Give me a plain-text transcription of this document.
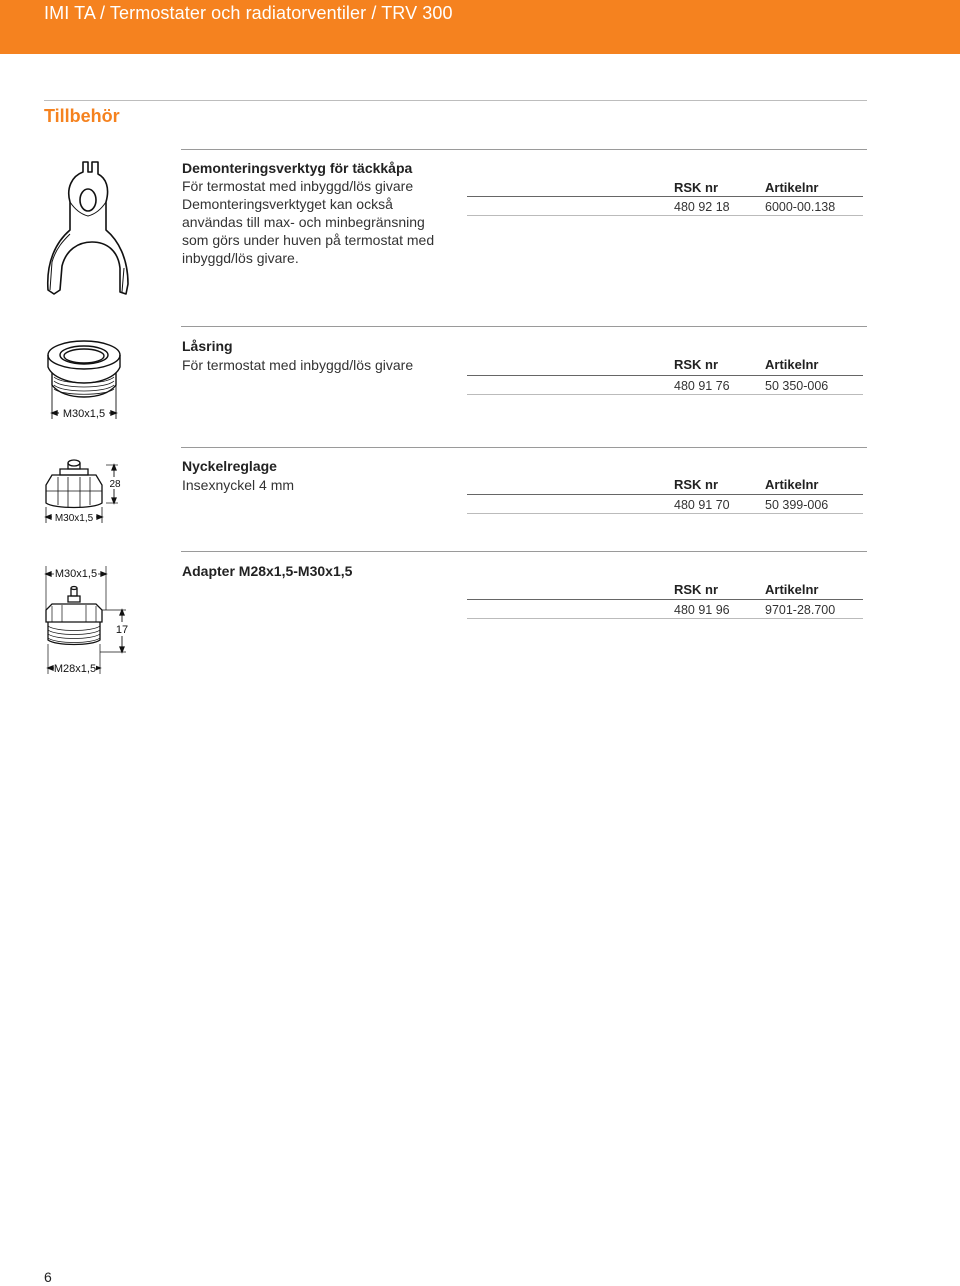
IMI TA / Termostater och radiatorventiler / TRV 300
Tillbehör
Demonteringsverktyg för täckkåpa
För termostat med inbyggd/lös givare
Demonteringsverktyget kan också
användas till max- och minbegränsning
som görs under huven på termostat med
inbyggd/lös givare.
RSK nr	Artikelnr
480 92 18	6000-00.138
M30x1,5
Låsring
För termostat med inbyggd/lös givare	RSK nr	Artikelnr
480 91 76	50 350-006
28
M30x1,5
Nyckelreglage
Insexnyckel 4 mm	RSK nr	Artikelnr
480 91 70	50 399-006
M30x1,5
17
M28x1,5
Adapter M28x1,5-M30x1,5
RSK nr	Artikelnr
480 91 96	9701-28.700
6
